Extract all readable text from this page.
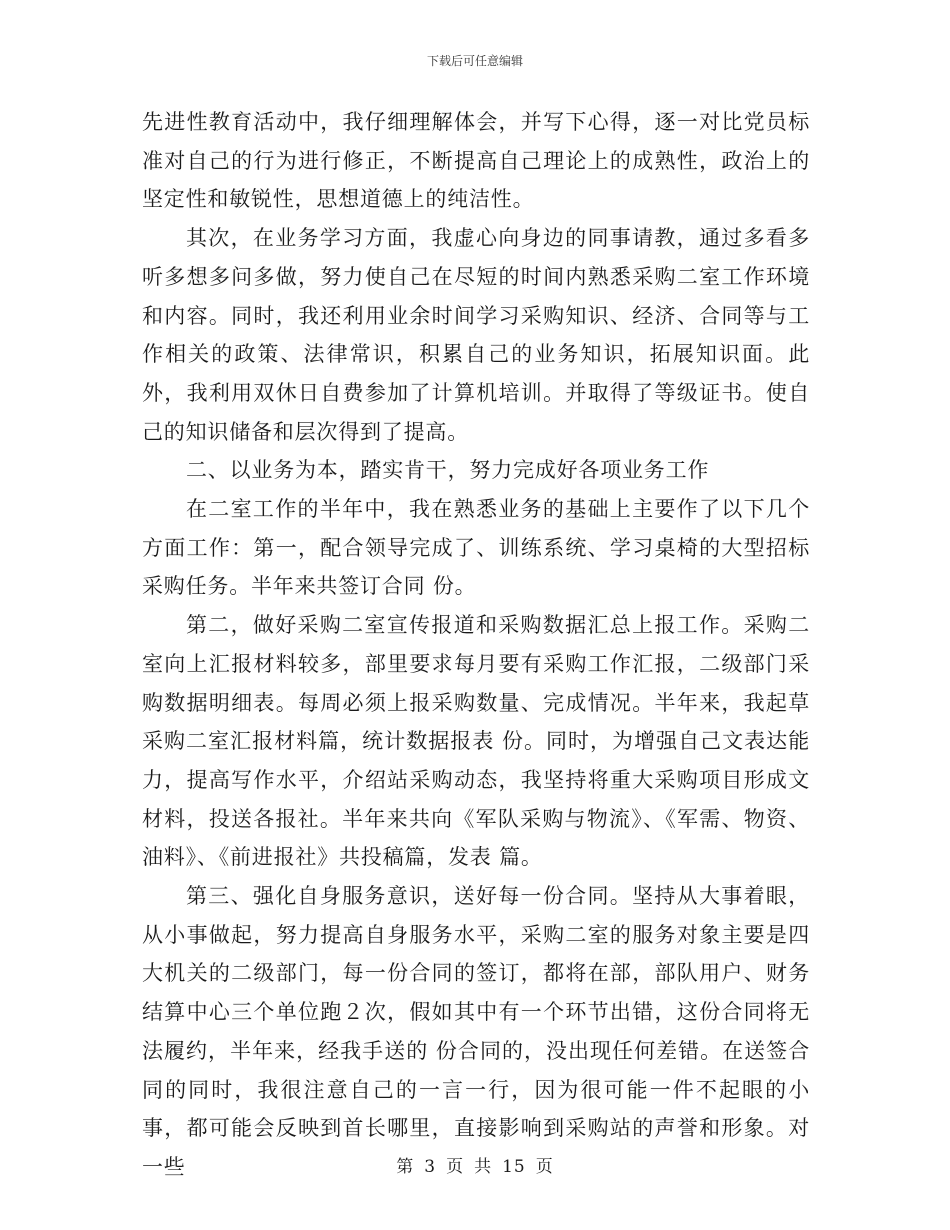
下载后可任意编辑

先进性教育活动中，我仔细理解体会，并写下心得，逐一对比党员标准对自己的行为进行修正，不断提高自己理论上的成熟性，政治上的坚定性和敏锐性，思想道德上的纯洁性。

其次，在业务学习方面，我虚心向身边的同事请教，通过多看多听多想多问多做，努力使自己在尽短的时间内熟悉采购二室工作环境和内容。同时，我还利用业余时间学习采购知识、经济、合同等与工作相关的政策、法律常识，积累自己的业务知识，拓展知识面。此外，我利用双休日自费参加了计算机培训。并取得了等级证书。使自己的知识储备和层次得到了提高。

二、以业务为本，踏实肯干，努力完成好各项业务工作

在二室工作的半年中，我在熟悉业务的基础上主要作了以下几个方面工作：第一，配合领导完成了、训练系统、学习桌椅的大型招标采购任务。半年来共签订合同 份。

第二，做好采购二室宣传报道和采购数据汇总上报工作。采购二室向上汇报材料较多，部里要求每月要有采购工作汇报，二级部门采购数据明细表。每周必须上报采购数量、完成情况。半年来，我起草采购二室汇报材料篇，统计数据报表 份。同时，为增强自己文表达能力，提高写作水平，介绍站采购动态，我坚持将重大采购项目形成文材料，投送各报社。半年来共向《军队采购与物流》、《军需、物资、油料》、《前进报社》共投稿篇，发表 篇。

第三、强化自身服务意识，送好每一份合同。坚持从大事着眼，从小事做起，努力提高自身服务水平，采购二室的服务对象主要是四大机关的二级部门，每一份合同的签订，都将在部，部队用户、财务结算中心三个单位跑２次，假如其中有一个环节出错，这份合同将无法履约，半年来，经我手送的 份合同的，没出现任何差错。在送签合同的同时，我很注意自己的一言一行，因为很可能一件不起眼的小事，都可能会反映到首长哪里，直接影响到采购站的声誉和形象。对一些	第 3 页 共 15 页
